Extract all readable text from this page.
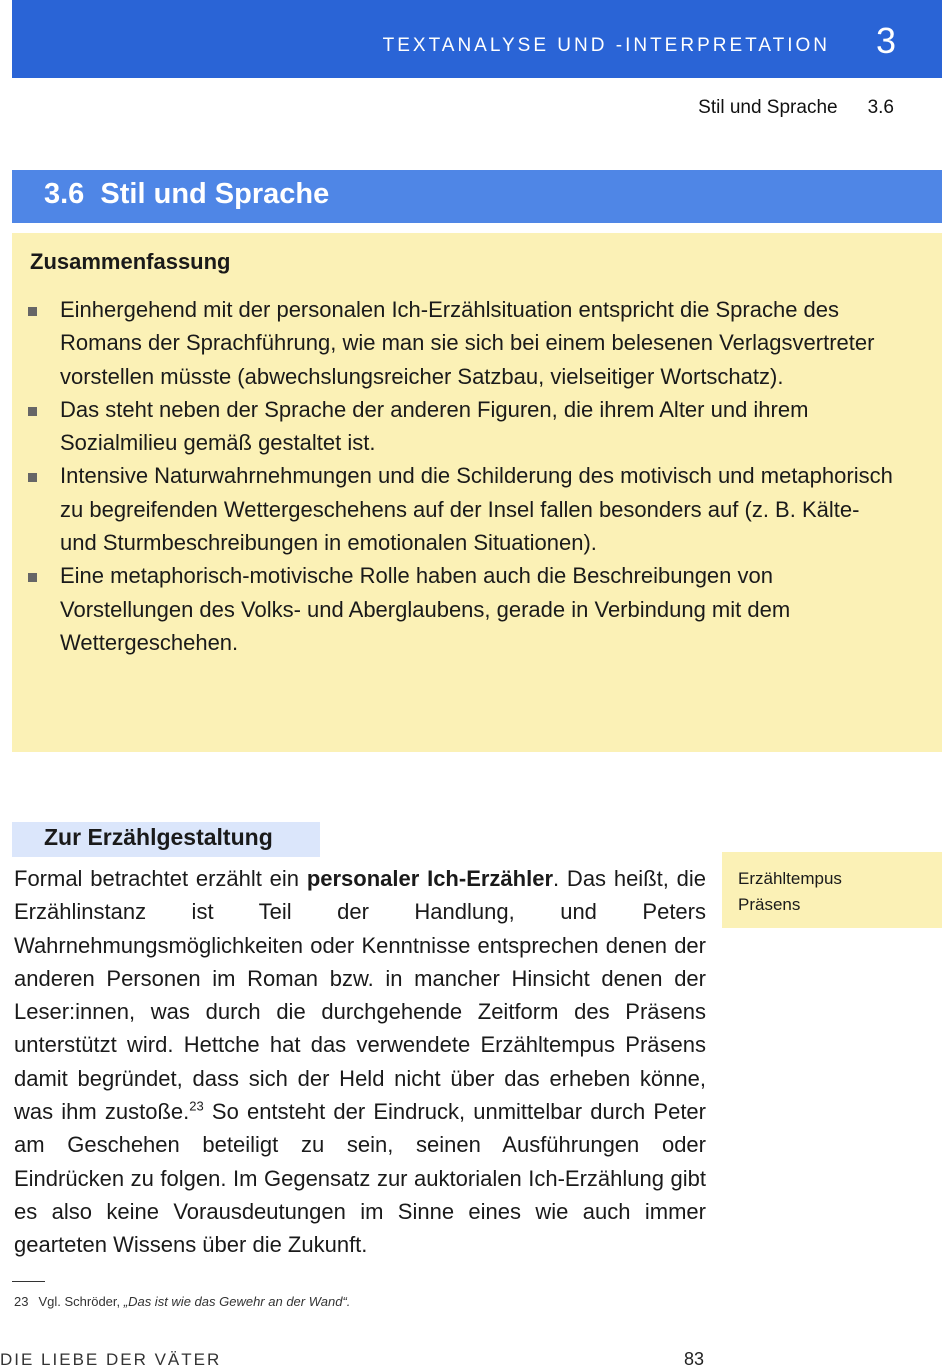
TEXTANALYSE UND -INTERPRETATION 3
Stil und Sprache 3.6
3.6  Stil und Sprache
Zusammenfassung
Einhergehend mit der personalen Ich-Erzählsituation entspricht die Sprache des Romans der Sprachführung, wie man sie sich bei einem belesenen Verlagsvertreter vorstellen müsste (abwechslungsreicher Satzbau, vielseitiger Wortschatz).
Das steht neben der Sprache der anderen Figuren, die ihrem Alter und ihrem Sozialmilieu gemäß gestaltet ist.
Intensive Naturwahrnehmungen und die Schilderung des motivisch und metaphorisch zu begreifenden Wettergeschehens auf der Insel fallen besonders auf (z. B. Kälte- und Sturmbeschreibungen in emotionalen Situationen).
Eine metaphorisch-motivische Rolle haben auch die Beschreibungen von Vorstellungen des Volks- und Aberglaubens, gerade in Verbindung mit dem Wettergeschehen.
Zur Erzählgestaltung

Formal betrachtet erzählt ein personaler Ich-Erzähler. Das heißt, die Erzählinstanz ist Teil der Handlung, und Peters Wahrnehmungsmöglichkeiten oder Kenntnisse entsprechen denen der anderen Personen im Roman bzw. in mancher Hinsicht denen der Leser:innen, was durch die durchgehende Zeitform des Präsens unterstützt wird. Hettche hat das verwendete Erzähltempus Präsens damit begründet, dass sich der Held nicht über das erheben könne, was ihm zustoße.$^{23}$ So entsteht der Eindruck, unmittelbar durch Peter am Geschehen beteiligt zu sein, seinen Ausführungen oder Eindrücken zu folgen. Im Gegensatz zur auktorialen Ich-Erzählung gibt es also keine Vorausdeutungen im Sinne eines wie auch immer gearteten Wissens über die Zukunft.

Erzähltempus
Präsens
23 Vgl. Schröder, „Das ist wie das Gewehr an der Wand“.
DIE LIEBE DER VÄTER	83
